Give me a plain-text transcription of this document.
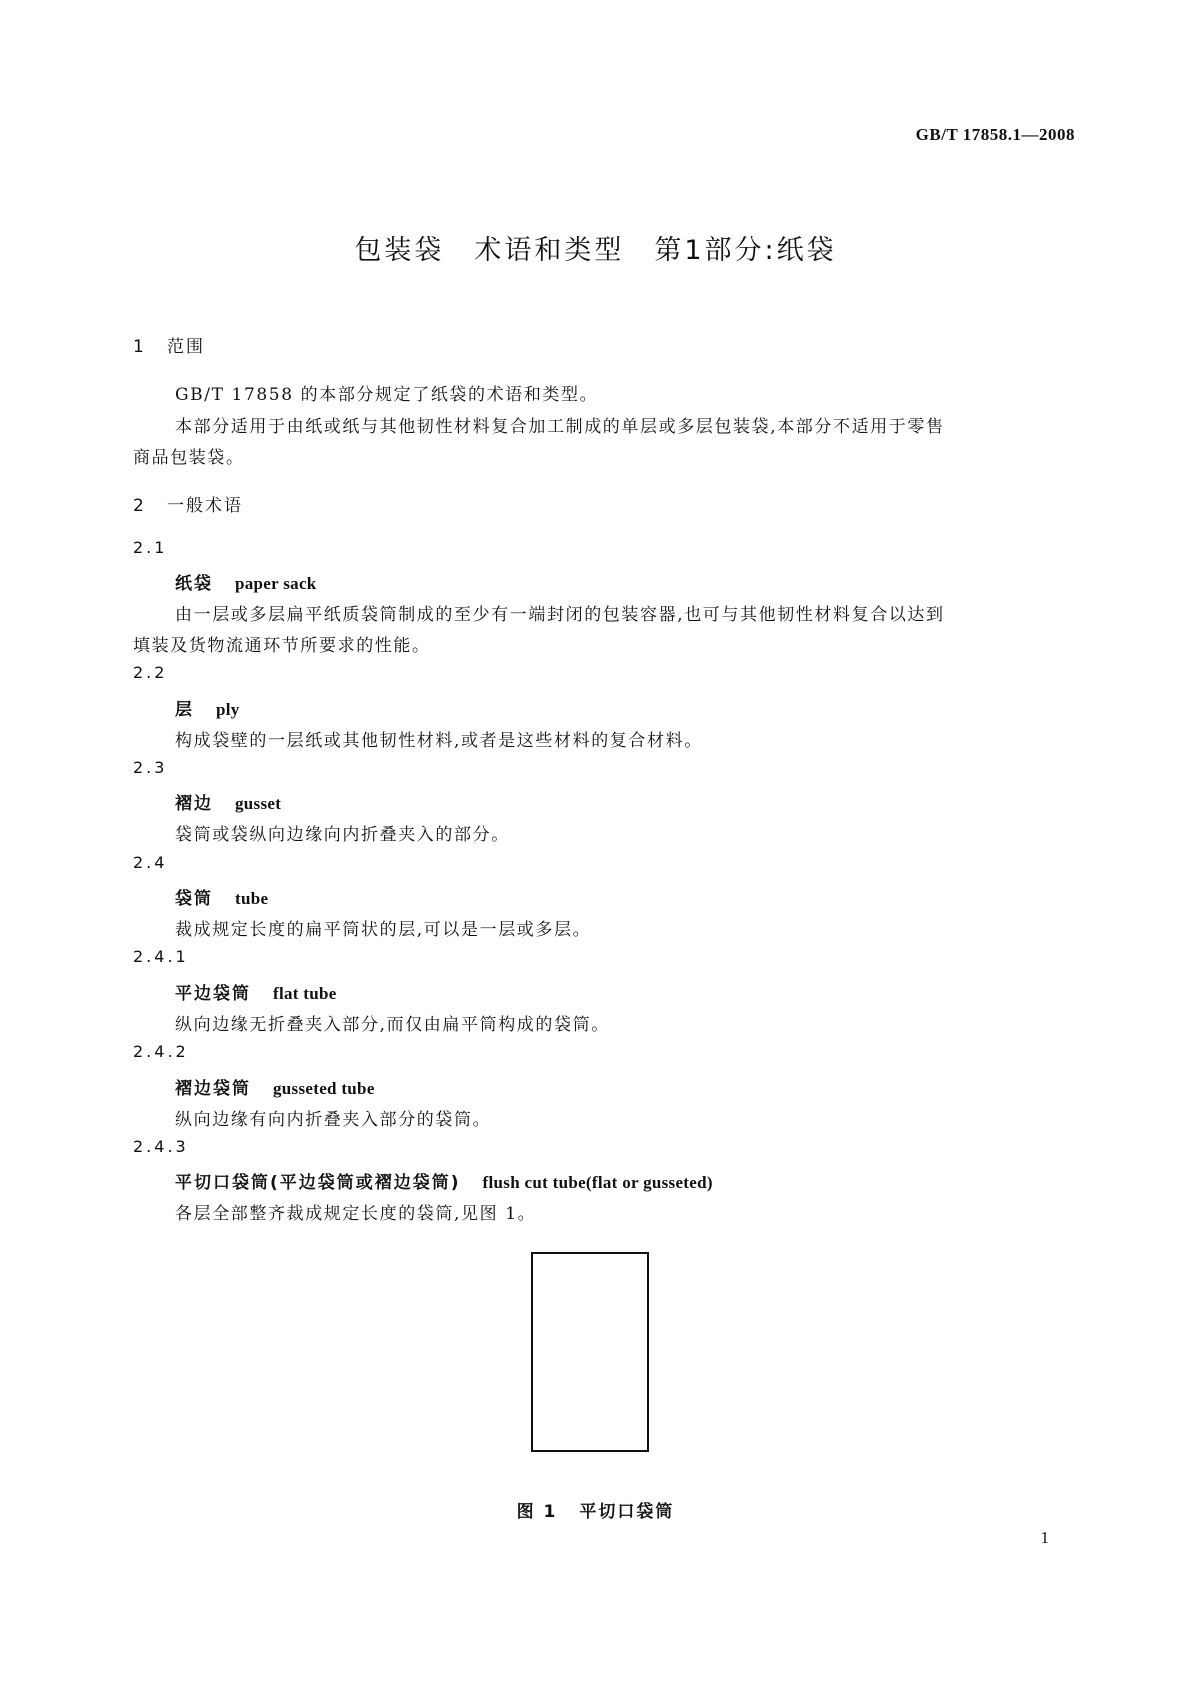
GB/T 17858.1—2008
包装袋　术语和类型　第1部分:纸袋
1 范围
GB/T 17858 的本部分规定了纸袋的术语和类型。
本部分适用于由纸或纸与其他韧性材料复合加工制成的单层或多层包装袋,本部分不适用于零售
商品包装袋。
2 一般术语
2.1
纸袋 paper sack
由一层或多层扁平纸质袋筒制成的至少有一端封闭的包装容器,也可与其他韧性材料复合以达到
填装及货物流通环节所要求的性能。
2.2
层 ply
构成袋壁的一层纸或其他韧性材料,或者是这些材料的复合材料。
2.3
褶边 gusset
袋筒或袋纵向边缘向内折叠夹入的部分。
2.4
袋筒 tube
裁成规定长度的扁平筒状的层,可以是一层或多层。
2.4.1
平边袋筒 flat tube
纵向边缘无折叠夹入部分,而仅由扁平筒构成的袋筒。
2.4.2
褶边袋筒 gusseted tube
纵向边缘有向内折叠夹入部分的袋筒。
2.4.3
平切口袋筒(平边袋筒或褶边袋筒) flush cut tube(flat or gusseted)
各层全部整齐裁成规定长度的袋筒,见图 1。
图 1 平切口袋筒
1
